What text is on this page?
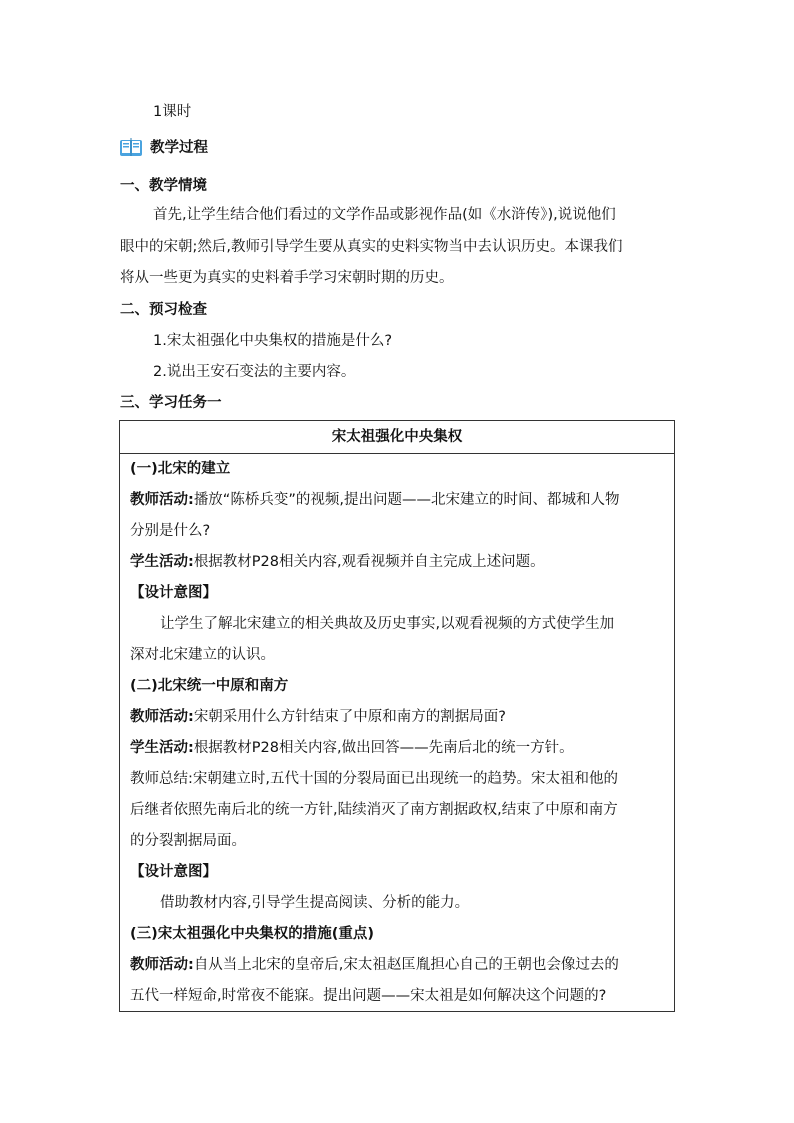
1课时
教学过程
一、教学情境
首先,让学生结合他们看过的文学作品或影视作品(如《水浒传》),说说他们
眼中的宋朝;然后,教师引导学生要从真实的史料实物当中去认识历史。本课我们
将从一些更为真实的史料着手学习宋朝时期的历史。
二、预习检查
1.宋太祖强化中央集权的措施是什么?
2.说出王安石变法的主要内容。
三、学习任务一
宋太祖强化中央集权
(一)北宋的建立
教师活动:播放“陈桥兵变”的视频,提出问题——北宋建立的时间、都城和人物
分别是什么?
学生活动:根据教材P28相关内容,观看视频并自主完成上述问题。
【设计意图】
让学生了解北宋建立的相关典故及历史事实,以观看视频的方式使学生加
深对北宋建立的认识。
(二)北宋统一中原和南方
教师活动:宋朝采用什么方针结束了中原和南方的割据局面?
学生活动:根据教材P28相关内容,做出回答——先南后北的统一方针。
教师总结:宋朝建立时,五代十国的分裂局面已出现统一的趋势。宋太祖和他的
后继者依照先南后北的统一方针,陆续消灭了南方割据政权,结束了中原和南方
的分裂割据局面。
【设计意图】
借助教材内容,引导学生提高阅读、分析的能力。
(三)宋太祖强化中央集权的措施(重点)
教师活动:自从当上北宋的皇帝后,宋太祖赵匡胤担心自己的王朝也会像过去的
五代一样短命,时常夜不能寐。提出问题——宋太祖是如何解决这个问题的?
